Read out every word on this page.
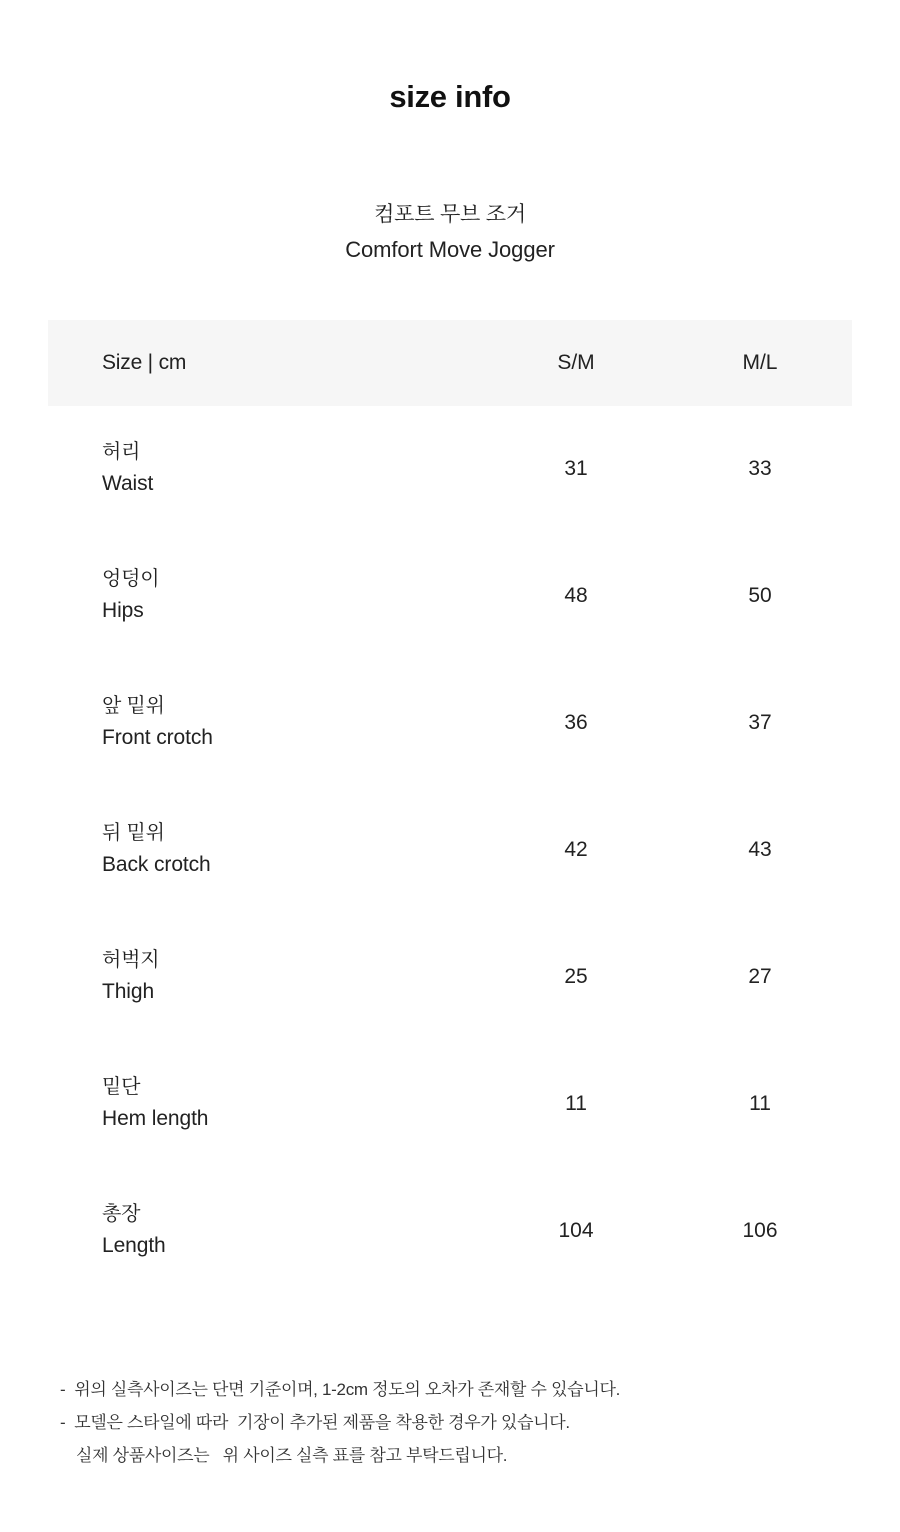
size info
컴포트 무브 조거
Comfort Move Jogger
Size | cm	S/M	M/L

허리
Waist	31	33

엉덩이
Hips	48	50

앞 밑위
Front crotch	36	37

뒤 밑위
Back crotch	42	43

허벅지
Thigh	25	27

밑단
Hem length	11	11

총장
Length	104	106
-  위의 실측사이즈는 단면 기준이며, 1-2cm 정도의 오차가 존재할 수 있습니다.
-  모델은 스타일에 따라  기장이 추가된 제품을 착용한 경우가 있습니다.
실제 상품사이즈는   위 사이즈 실측 표를 참고 부탁드립니다.
